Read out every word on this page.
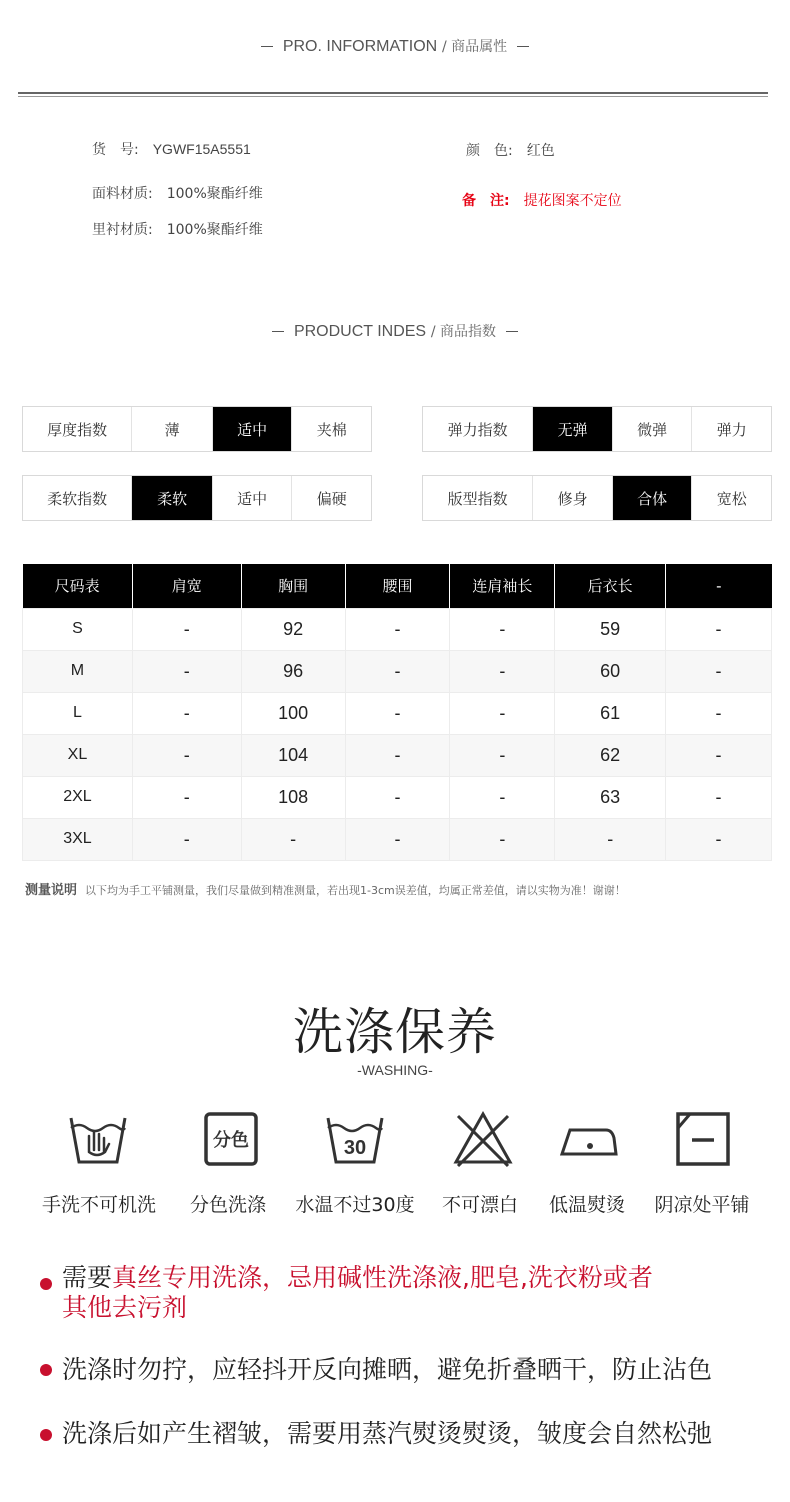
PRO. INFORMATION / 商品属性
货　号: YGWF15A5551
面料材质: 100%聚酯纤维
里衬材质: 100%聚酯纤维
颜　色: 红色
备　注: 提花图案不定位
PRODUCT INDES / 商品指数
厚度指数	薄	适中	夹棉	弹力指数	无弹	微弹	弹力
柔软指数	柔软	适中	偏硬	版型指数	修身	合体	宽松
尺码表	肩宽	胸围	腰围	连肩袖长	后衣长	-
S	-	92	-	-	59	-
M	-	96	-	-	60	-
L	-	100	-	-	61	-
XL	-	104	-	-	62	-
2XL	-	108	-	-	63	-
3XL	-	-	-	-	-	-
测量说明 以下均为手工平铺测量，我们尽量做到精准测量，若出现1-3cm误差值，均属正常差值，请以实物为准！谢谢！
洗涤保养
-WASHING-
分色	30
手洗不可机洗	分色洗涤	水温不过30度	不可漂白	低温熨烫	阴凉处平铺
需要真丝专用洗涤，忌用碱性洗涤液,肥皂,洗衣粉或者
其他去污剂
洗涤时勿拧，应轻抖开反向摊晒，避免折叠晒干，防止沾色
洗涤后如产生褶皱，需要用蒸汽熨烫熨烫，皱度会自然松弛
